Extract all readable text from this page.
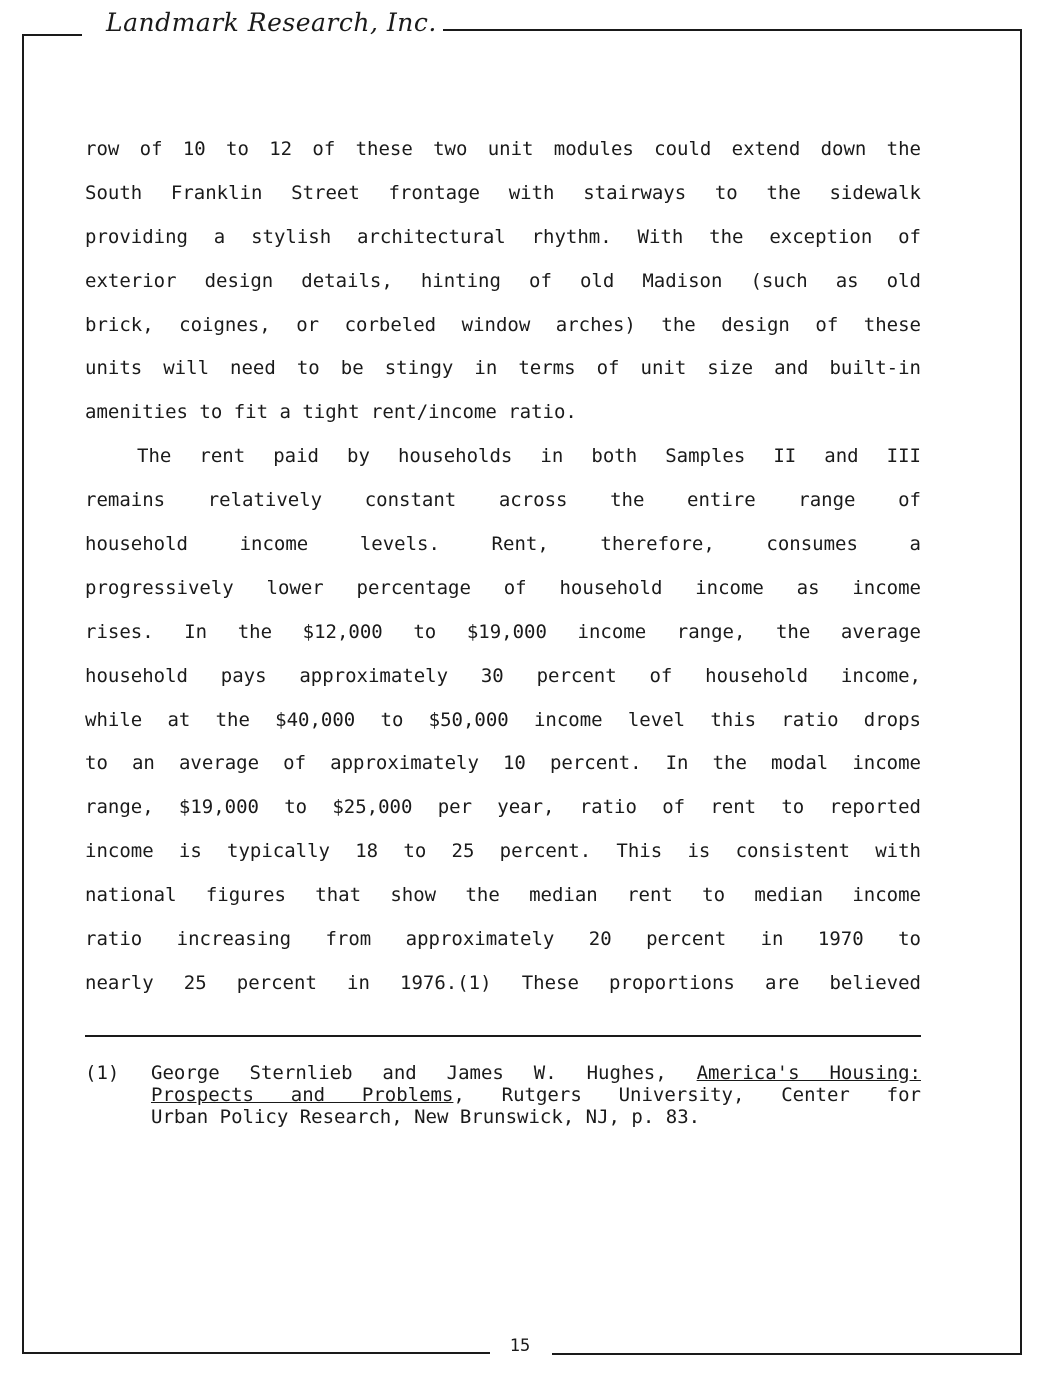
Landmark Research, Inc.
row of 10 to 12 of these two unit modules could extend down the
South Franklin Street frontage with stairways to the sidewalk
providing a stylish architectural rhythm. With the exception of
exterior design details, hinting of old Madison (such as old
brick, coignes, or corbeled window arches) the design of these
units will need to be stingy in terms of unit size and built-in
amenities to fit a tight rent/income ratio.
The rent paid by households in both Samples II and III
remains relatively constant across the entire range of
household income levels. Rent, therefore, consumes a
progressively lower percentage of household income as income
rises. In the $12,000 to $19,000 income range, the average
household pays approximately 30 percent of household income,
while at the $40,000 to $50,000 income level this ratio drops
to an average of approximately 10 percent. In the modal income
range, $19,000 to $25,000 per year, ratio of rent to reported
income is typically 18 to 25 percent. This is consistent with
national figures that show the median rent to median income
ratio increasing from approximately 20 percent in 1970 to
nearly 25 percent in 1976.(1) These proportions are believed
(1) George Sternlieb and James W. Hughes, America's Housing:
Prospects and Problems, Rutgers University, Center for
Urban Policy Research, New Brunswick, NJ, p. 83.
15
